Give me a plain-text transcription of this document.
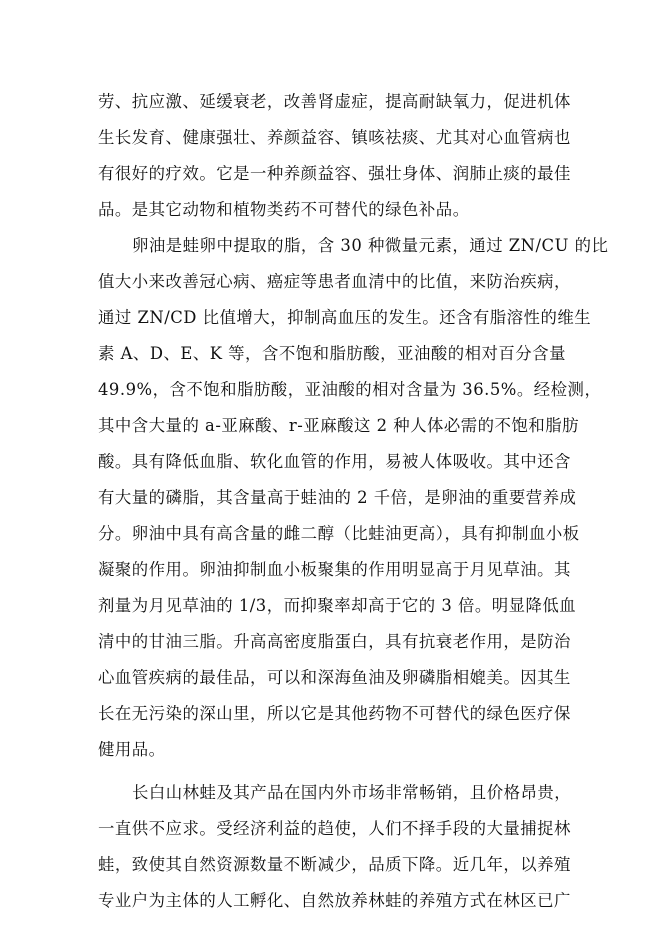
劳、抗应激、延缓衰老，改善肾虚症，提高耐缺氧力，促进机体
生长发育、健康强壮、养颜益容、镇咳祛痰、尤其对心血管病也
有很好的疗效。它是一种养颜益容、强壮身体、润肺止痰的最佳
品。是其它动物和植物类药不可替代的绿色补品。
卵油是蛙卵中提取的脂，含 30 种微量元素，通过 ZN/CU 的比
值大小来改善冠心病、癌症等患者血清中的比值，来防治疾病，
通过 ZN/CD 比值增大，抑制高血压的发生。还含有脂溶性的维生
素 A、D、E、K 等，含不饱和脂肪酸，亚油酸的相对百分含量
49.9%，含不饱和脂肪酸，亚油酸的相对含量为 36.5%。经检测，
其中含大量的 a-亚麻酸、r-亚麻酸这 2 种人体必需的不饱和脂肪
酸。具有降低血脂、软化血管的作用，易被人体吸收。其中还含
有大量的磷脂，其含量高于蛙油的 2 千倍，是卵油的重要营养成
分。卵油中具有高含量的雌二醇（比蛙油更高），具有抑制血小板
凝聚的作用。卵油抑制血小板聚集的作用明显高于月见草油。其
剂量为月见草油的 1/3，而抑聚率却高于它的 3 倍。明显降低血
清中的甘油三脂。升高高密度脂蛋白，具有抗衰老作用，是防治
心血管疾病的最佳品，可以和深海鱼油及卵磷脂相媲美。因其生
长在无污染的深山里，所以它是其他药物不可替代的绿色医疗保
健用品。
长白山林蛙及其产品在国内外市场非常畅销，且价格昂贵，
一直供不应求。受经济利益的趋使，人们不择手段的大量捕捉林
蛙，致使其自然资源数量不断减少，品质下降。近几年，以养殖
专业户为主体的人工孵化、自然放养林蛙的养殖方式在林区已广
